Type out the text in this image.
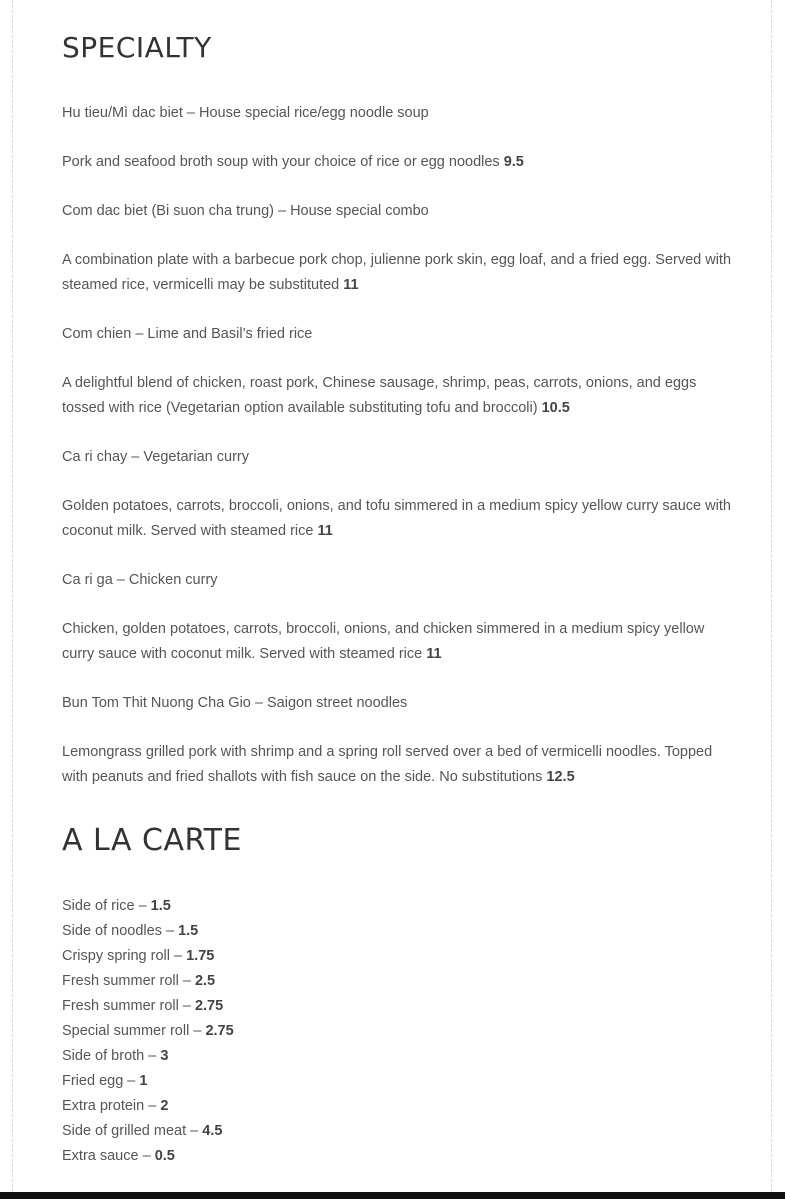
SPECIALTY

Hu tieu/Mì dac biet – House special rice/egg noodle soup

Pork and seafood broth soup with your choice of rice or egg noodles 9.5

Com dac biet (Bi suon cha trung) – House special combo

A combination plate with a barbecue pork chop, julienne pork skin, egg loaf, and a fried egg. Served with steamed rice, vermicelli may be substituted 11

Com chien – Lime and Basil’s fried rice

A delightful blend of chicken, roast pork, Chinese sausage, shrimp, peas, carrots, onions, and eggs tossed with rice (Vegetarian option available substituting tofu and broccoli) 10.5

Ca ri chay – Vegetarian curry

Golden potatoes, carrots, broccoli, onions, and tofu simmered in a medium spicy yellow curry sauce with coconut milk. Served with steamed rice 11

Ca ri ga – Chicken curry

Chicken, golden potatoes, carrots, broccoli, onions, and chicken simmered in a medium spicy yellow curry sauce with coconut milk. Served with steamed rice 11

Bun Tom Thit Nuong Cha Gio – Saigon street noodles

Lemongrass grilled pork with shrimp and a spring roll served over a bed of vermicelli noodles. Topped with peanuts and fried shallots with fish sauce on the side. No substitutions 12.5

A LA CARTE
Side of rice – 1.5
Side of noodles – 1.5
Crispy spring roll – 1.75
Fresh summer roll – 2.5
Fresh summer roll – 2.75
Special summer roll – 2.75
Side of broth – 3
Fried egg – 1
Extra protein – 2
Side of grilled meat – 4.5
Extra sauce – 0.5
